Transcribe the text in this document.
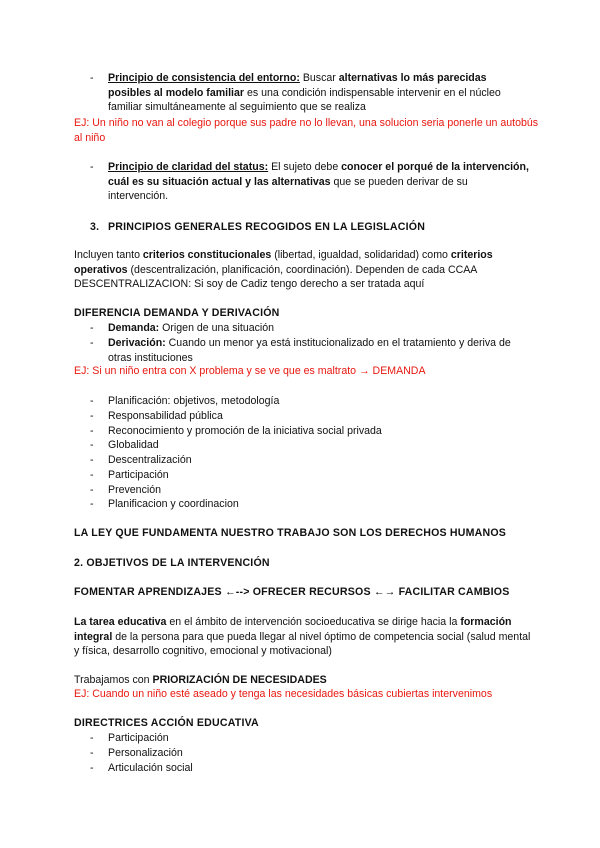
- Principio de consistencia del entorno: Buscar alternativas lo más parecidas posibles al modelo familiar es una condición indispensable intervenir en el núcleo familiar simultáneamente al seguimiento que se realiza
EJ: Un niño no van al colegio porque sus padre no lo llevan, una solucion seria ponerle un autobús al niño
- Principio de claridad del status: El sujeto debe conocer el porqué de la intervención, cuál es su situación actual y las alternativas que se pueden derivar de su intervención.
3. PRINCIPIOS GENERALES RECOGIDOS EN LA LEGISLACIÓN
Incluyen tanto criterios constitucionales (libertad, igualdad, solidaridad) como criterios operativos (descentralización, planificación, coordinación). Dependen de cada CCAA DESCENTRALIZACION: Si soy de Cadiz tengo derecho a ser tratada aquí
DIFERENCIA DEMANDA Y DERIVACIÓN
- Demanda: Origen de una situación
- Derivación: Cuando un menor ya está institucionalizado en el tratamiento y deriva de otras instituciones
EJ: Si un niño entra con X problema y se ve que es maltrato → DEMANDA
- Planificación: objetivos, metodología
- Responsabilidad pública
- Reconocimiento y promoción de la iniciativa social privada
- Globalidad
- Descentralización
- Participación
- Prevención
- Planificacion y coordinacion
LA LEY QUE FUNDAMENTA NUESTRO TRABAJO SON LOS DERECHOS HUMANOS
2. OBJETIVOS DE LA INTERVENCIÓN
FOMENTAR APRENDIZAJES ←--> OFRECER RECURSOS ←→ FACILITAR CAMBIOS
La tarea educativa en el ámbito de intervención socioeducativa se dirige hacia la formación integral de la persona para que pueda llegar al nivel óptimo de competencia social (salud mental y física, desarrollo cognitivo, emocional y motivacional)
Trabajamos con PRIORIZACIÓN DE NECESIDADES
EJ: Cuando un niño esté aseado y tenga las necesidades básicas cubiertas intervenimos
DIRECTRICES ACCIÓN EDUCATIVA
- Participación
- Personalización
- Articulación social
